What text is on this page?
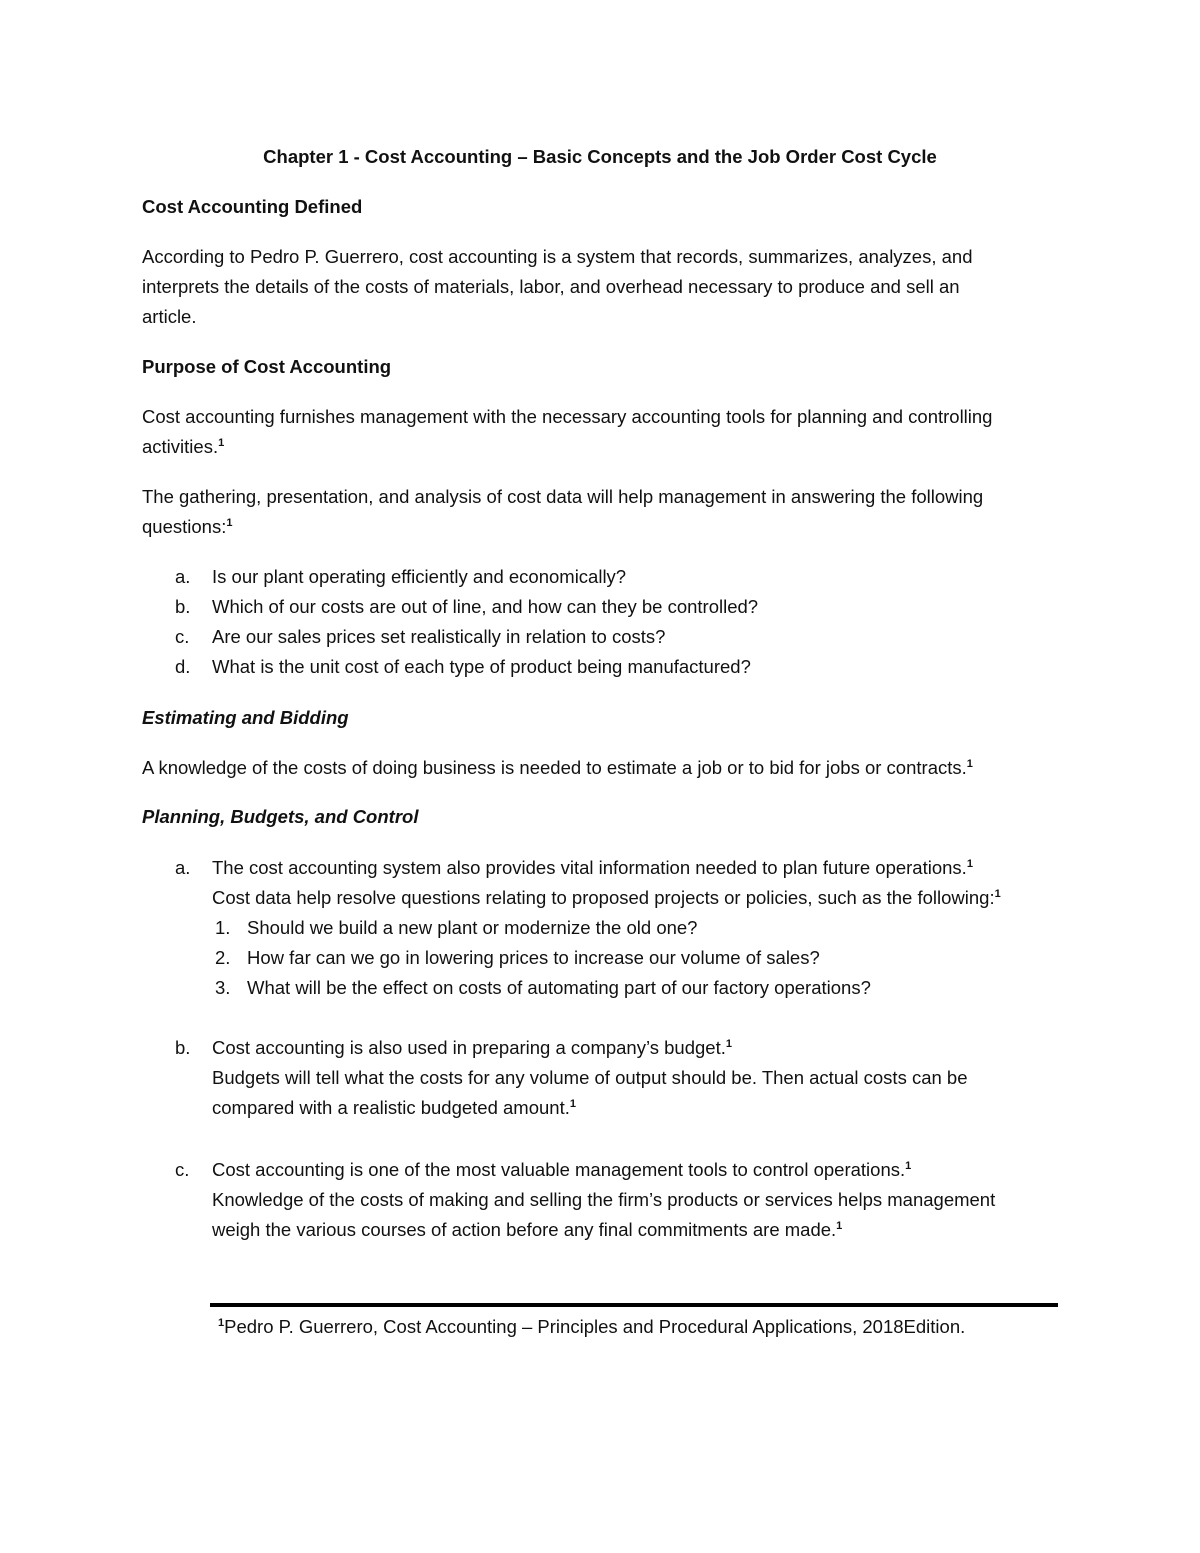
Chapter 1 - Cost Accounting – Basic Concepts and the Job Order Cost Cycle
Cost Accounting Defined
According to Pedro P. Guerrero, cost accounting is a system that records, summarizes, analyzes, and
interprets the details of the costs of materials, labor, and overhead necessary to produce and sell an
article.
Purpose of Cost Accounting
Cost accounting furnishes management with the necessary accounting tools for planning and controlling
activities.$^1$
The gathering, presentation, and analysis of cost data will help management in answering the following
questions:$^1$
a. Is our plant operating efficiently and economically?
b. Which of our costs are out of line, and how can they be controlled?
c. Are our sales prices set realistically in relation to costs?
d. What is the unit cost of each type of product being manufactured?
Estimating and Bidding
A knowledge of the costs of doing business is needed to estimate a job or to bid for jobs or contracts.$^1$
Planning, Budgets, and Control
a. The cost accounting system also provides vital information needed to plan future operations.$^1$
Cost data help resolve questions relating to proposed projects or policies, such as the following:$^1$
1. Should we build a new plant or modernize the old one?
2. How far can we go in lowering prices to increase our volume of sales?
3. What will be the effect on costs of automating part of our factory operations?
b. Cost accounting is also used in preparing a company’s budget.$^1$
Budgets will tell what the costs for any volume of output should be. Then actual costs can be
compared with a realistic budgeted amount.$^1$
c. Cost accounting is one of the most valuable management tools to control operations.$^1$
Knowledge of the costs of making and selling the firm’s products or services helps management
weigh the various courses of action before any final commitments are made.$^1$
$^1$Pedro P. Guerrero, Cost Accounting – Principles and Procedural Applications, 2018Edition.
